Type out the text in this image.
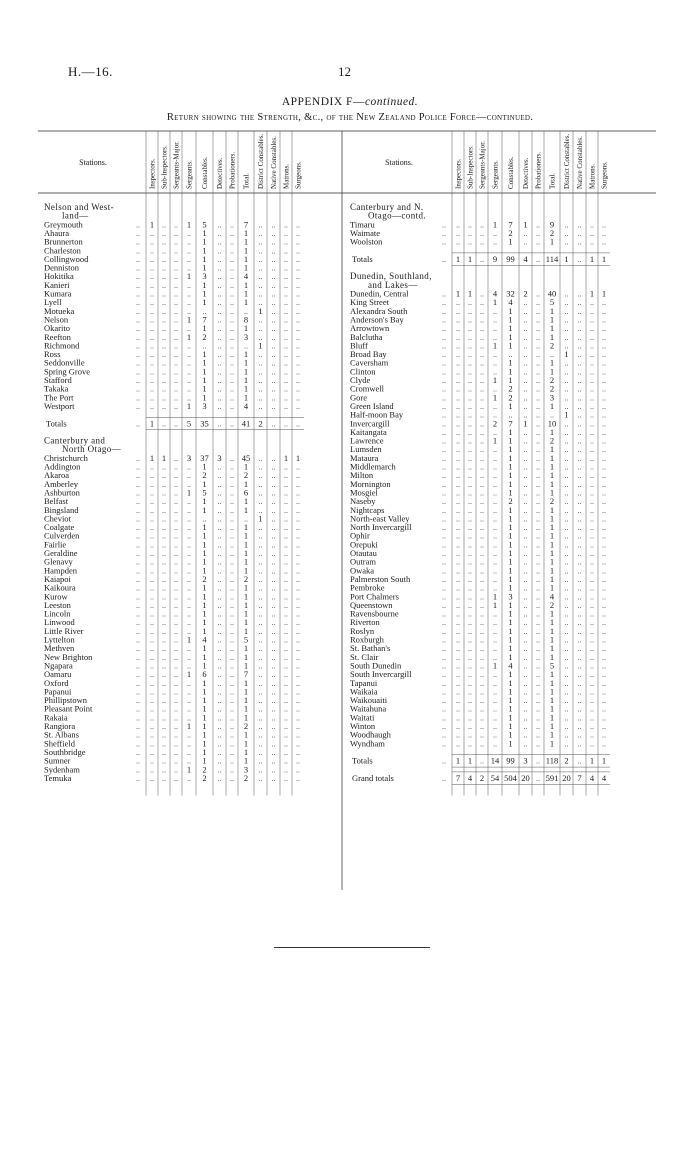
H.—16.	12
APPENDIX F—continued.
Return showing the Strength, &c., of the New Zealand Police Force—continued.
Stations.	Inspectors. Sub-Inspectors. Sergeants-Major. Sergeants. Constables. Detectives. Probationers. Total. District Constables. Native Constables. Matrons. Surgeons.
Nelson and West-
land—
Greymouth	.. 1 .. .. 1 5 .. .. 7 .. .. .. ..
Ahaura	.. .. .. .. .. 1 .. .. 1 .. .. .. ..
Brunnerton	.. .. .. .. .. 1 .. .. 1 .. .. .. ..
Charleston	.. .. .. .. .. 1 .. .. 1 .. .. .. ..
Collingwood	.. .. .. .. .. 1 .. .. 1 .. .. .. ..
Denniston	.. .. .. .. .. 1 .. .. 1 .. .. .. ..
Hokitika	.. .. .. .. 1 3 .. .. 4 .. .. .. ..
Kanieri	.. .. .. .. .. 1 .. .. 1 .. .. .. ..
Kumara	.. .. .. .. .. 1 .. .. 1 .. .. .. ..
Lyell	.. .. .. .. .. 1 .. .. 1 .. .. .. ..
Motueka	.. .. .. .. .. .. .. .. .. 1 .. .. ..
Nelson	.. .. .. .. 1 7 .. .. 8 .. .. .. ..
Okarito	.. .. .. .. .. 1 .. .. 1 .. .. .. ..
Reefton	.. .. .. .. 1 2 .. .. 3 .. .. .. ..
Richmond	.. .. .. .. .. .. .. .. .. 1 .. .. ..
Ross	.. .. .. .. .. 1 .. .. 1 .. .. .. ..
Seddonville	.. .. .. .. .. 1 .. .. 1 .. .. .. ..
Spring Grove	.. .. .. .. .. 1 .. .. 1 .. .. .. ..
Stafford	.. .. .. .. .. 1 .. .. 1 .. .. .. ..
Takaka	.. .. .. .. .. 1 .. .. 1 .. .. .. ..
The Port	.. .. .. .. .. 1 .. .. 1 .. .. .. ..
Westport	.. .. .. .. 1 3 .. .. 4 .. .. .. ..
Totals	.. 1 .. .. 5 35 .. .. 41 2 .. .. ..
Canterbury and
North Otago—
Christchurch	.. 1 1 .. 3 37 3 .. 45 .. .. 1 1
Addington	.. .. .. .. .. 1 .. .. 1 .. .. .. ..
Akaroa	.. .. .. .. .. 2 .. .. 2 .. .. .. ..
Amberley	.. .. .. .. .. 1 .. .. 1 .. .. .. ..
Ashburton	.. .. .. .. 1 5 .. .. 6 .. .. .. ..
Belfast	.. .. .. .. .. 1 .. .. 1 .. .. .. ..
Bingsland	.. .. .. .. .. 1 .. .. 1 .. .. .. ..
Cheviot	.. .. .. .. .. .. .. .. .. 1 .. .. ..
Coalgate	.. .. .. .. .. 1 .. .. 1 .. .. .. ..
Culverden	.. .. .. .. .. 1 .. .. 1 .. .. .. ..
Fairlie	.. .. .. .. .. 1 .. .. 1 .. .. .. ..
Geraldine	.. .. .. .. .. 1 .. .. 1 .. .. .. ..
Glenavy	.. .. .. .. .. 1 .. .. 1 .. .. .. ..
Hampden	.. .. .. .. .. 1 .. .. 1 .. .. .. ..
Kaiapoi	.. .. .. .. .. 2 .. .. 2 .. .. .. ..
Kaikoura	.. .. .. .. .. 1 .. .. 1 .. .. .. ..
Kurow	.. .. .. .. .. 1 .. .. 1 .. .. .. ..
Leeston	.. .. .. .. .. 1 .. .. 1 .. .. .. ..
Lincoln	.. .. .. .. .. 1 .. .. 1 .. .. .. ..
Linwood	.. .. .. .. .. 1 .. .. 1 .. .. .. ..
Little River	.. .. .. .. .. 1 .. .. 1 .. .. .. ..
Lyttelton	.. .. .. .. 1 4 .. .. 5 .. .. .. ..
Methven	.. .. .. .. .. 1 .. .. 1 .. .. .. ..
New Brighton	.. .. .. .. .. 1 .. .. 1 .. .. .. ..
Ngapara	.. .. .. .. .. 1 .. .. 1 .. .. .. ..
Oamaru	.. .. .. .. 1 6 .. .. 7 .. .. .. ..
Oxford	.. .. .. .. .. 1 .. .. 1 .. .. .. ..
Papanui	.. .. .. .. .. 1 .. .. 1 .. .. .. ..
Phillipstown	.. .. .. .. .. 1 .. .. 1 .. .. .. ..
Pleasant Point	.. .. .. .. .. 1 .. .. 1 .. .. .. ..
Rakaia	.. .. .. .. .. 1 .. .. 1 .. .. .. ..
Rangiora	.. .. .. .. 1 1 .. .. 2 .. .. .. ..
St. Albans	.. .. .. .. .. 1 .. .. 1 .. .. .. ..
Sheffield	.. .. .. .. .. 1 .. .. 1 .. .. .. ..
Southbridge	.. .. .. .. .. 1 .. .. 1 .. .. .. ..
Sumner	.. .. .. .. .. 1 .. .. 1 .. .. .. ..
Sydenham	.. .. .. .. 1 2 .. .. 3 .. .. .. ..
Temuka	.. .. .. .. .. 2 .. .. 2 .. .. .. ..
Stations.	Inspectors. Sub-Inspectors. Sergeants-Major. Sergeants. Constables. Detectives. Probationers. Total. District Constables. Native Constables. Matrons. Surgeons.
Canterbury and N.
Otago—contd.
Timaru	.. .. .. .. 1 7 1 .. 9 .. .. .. ..
Waimate	.. .. .. .. .. 2 .. .. 2 .. .. .. ..
Woolston	.. .. .. .. .. 1 .. .. 1 .. .. .. ..
Totals	.. 1 1 .. 9 99 4 .. 114 1 .. 1 1
Dunedin, Southland,
and Lakes—
Dunedin, Central	.. 1 1 .. 4 32 2 .. 40 .. .. 1 1
King Street	.. .. .. .. 1 4 .. .. 5 .. .. .. ..
Alexandra South	.. .. .. .. .. 1 .. .. 1 .. .. .. ..
Anderson's Bay	.. .. .. .. .. 1 .. .. 1 .. .. .. ..
Arrowtown	.. .. .. .. .. 1 .. .. 1 .. .. .. ..
Balclutha	.. .. .. .. .. 1 .. .. 1 .. .. .. ..
Bluff	.. .. .. .. 1 1 .. .. 2 .. .. .. ..
Broad Bay	.. .. .. .. .. .. .. .. .. 1 .. .. ..
Caversham	.. .. .. .. .. 1 .. .. 1 .. .. .. ..
Clinton	.. .. .. .. .. 1 .. .. 1 .. .. .. ..
Clyde	.. .. .. .. 1 1 .. .. 2 .. .. .. ..
Cromwell	.. .. .. .. .. 2 .. .. 2 .. .. .. ..
Gore	.. .. .. .. 1 2 .. .. 3 .. .. .. ..
Green Island	.. .. .. .. .. 1 .. .. 1 .. .. .. ..
Half-moon Bay	.. .. .. .. .. .. .. .. .. 1 .. .. ..
Invercargill	.. .. .. .. 2 7 1 .. 10 .. .. .. ..
Kaitangata	.. .. .. .. .. 1 .. .. 1 .. .. .. ..
Lawrence	.. .. .. .. 1 1 .. .. 2 .. .. .. ..
Lumsden	.. .. .. .. .. 1 .. .. 1 .. .. .. ..
Mataura	.. .. .. .. .. 1 .. .. 1 .. .. .. ..
Middlemarch	.. .. .. .. .. 1 .. .. 1 .. .. .. ..
Milton	.. .. .. .. .. 1 .. .. 1 .. .. .. ..
Mornington	.. .. .. .. .. 1 .. .. 1 .. .. .. ..
Mosgiel	.. .. .. .. .. 1 .. .. 1 .. .. .. ..
Naseby	.. .. .. .. .. 2 .. .. 2 .. .. .. ..
Nightcaps	.. .. .. .. .. 1 .. .. 1 .. .. .. ..
North-east Valley	.. .. .. .. .. 1 .. .. 1 .. .. .. ..
North Invercargill	.. .. .. .. .. 1 .. .. 1 .. .. .. ..
Ophir	.. .. .. .. .. 1 .. .. 1 .. .. .. ..
Orepuki	.. .. .. .. .. 1 .. .. 1 .. .. .. ..
Otautau	.. .. .. .. .. 1 .. .. 1 .. .. .. ..
Outram	.. .. .. .. .. 1 .. .. 1 .. .. .. ..
Owaka	.. .. .. .. .. 1 .. .. 1 .. .. .. ..
Palmerston South	.. .. .. .. .. 1 .. .. 1 .. .. .. ..
Pembroke	.. .. .. .. .. 1 .. .. 1 .. .. .. ..
Port Chalmers	.. .. .. .. 1 3 .. .. 4 .. .. .. ..
Queenstown	.. .. .. .. 1 1 .. .. 2 .. .. .. ..
Ravensbourne	.. .. .. .. .. 1 .. .. 1 .. .. .. ..
Riverton	.. .. .. .. .. 1 .. .. 1 .. .. .. ..
Roslyn	.. .. .. .. .. 1 .. .. 1 .. .. .. ..
Roxburgh	.. .. .. .. .. 1 .. .. 1 .. .. .. ..
St. Bathan's	.. .. .. .. .. 1 .. .. 1 .. .. .. ..
St. Clair	.. .. .. .. .. 1 .. .. 1 .. .. .. ..
South Dunedin	.. .. .. .. 1 4 .. .. 5 .. .. .. ..
South Invercargill	.. .. .. .. .. 1 .. .. 1 .. .. .. ..
Tapanui	.. .. .. .. .. 1 .. .. 1 .. .. .. ..
Waikaia	.. .. .. .. .. 1 .. .. 1 .. .. .. ..
Waikouaiti	.. .. .. .. .. 1 .. .. 1 .. .. .. ..
Waitahuna	.. .. .. .. .. 1 .. .. 1 .. .. .. ..
Waitati	.. .. .. .. .. 1 .. .. 1 .. .. .. ..
Winton	.. .. .. .. .. 1 .. .. 1 .. .. .. ..
Woodhaugh	.. .. .. .. .. 1 .. .. 1 .. .. .. ..
Wyndham	.. .. .. .. .. 1 .. .. 1 .. .. .. ..
Totals	.. 1 1 .. 14 99 3 .. 118 2 .. 1 1
Grand totals	.. 7 4 2 54 504 20 .. 591 20 7 4 4
